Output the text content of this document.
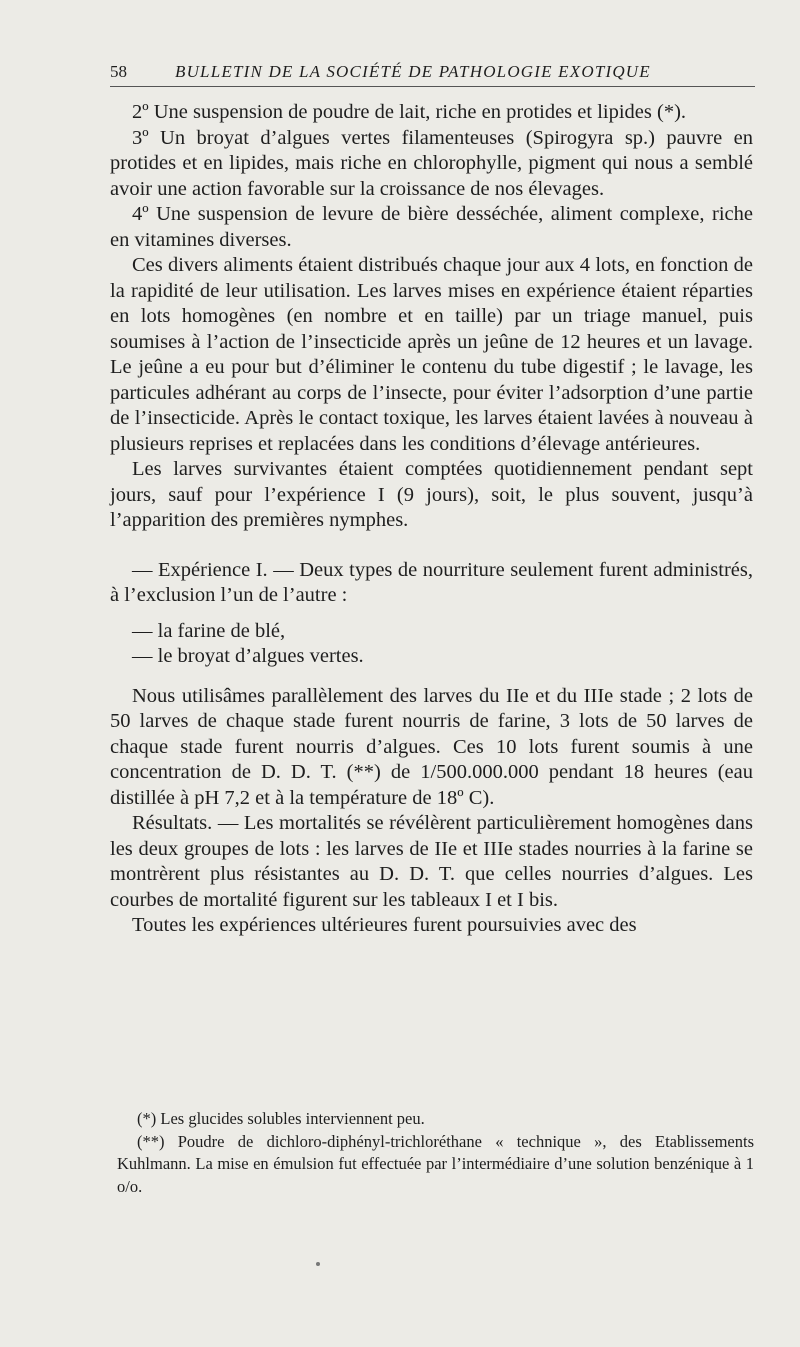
58	BULLETIN DE LA SOCIÉTÉ DE PATHOLOGIE EXOTIQUE

2º Une suspension de poudre de lait, riche en protides et lipides (*).

3º Un broyat d’algues vertes filamenteuses (Spirogyra sp.) pauvre en protides et en lipides, mais riche en chlorophylle, pigment qui nous a semblé avoir une action favorable sur la croissance de nos élevages.

4º Une suspension de levure de bière desséchée, aliment complexe, riche en vitamines diverses.

Ces divers aliments étaient distribués chaque jour aux 4 lots, en fonction de la rapidité de leur utilisation. Les larves mises en expérience étaient réparties en lots homogènes (en nombre et en taille) par un triage manuel, puis soumises à l’action de l’insecticide après un jeûne de 12 heures et un lavage. Le jeûne a eu pour but d’éliminer le contenu du tube digestif ; le lavage, les particules adhérant au corps de l’insecte, pour éviter l’adsorption d’une partie de l’insecticide. Après le contact toxique, les larves étaient lavées à nouveau à plusieurs reprises et replacées dans les conditions d’élevage antérieures.

Les larves survivantes étaient comptées quotidiennement pendant sept jours, sauf pour l’expérience I (9 jours), soit, le plus souvent, jusqu’à l’apparition des premières nymphes.

— Expérience I. — Deux types de nourriture seulement furent administrés, à l’exclusion l’un de l’autre :

— la farine de blé,

— le broyat d’algues vertes.

Nous utilisâmes parallèlement des larves du IIe et du IIIe stade ; 2 lots de 50 larves de chaque stade furent nourris de farine, 3 lots de 50 larves de chaque stade furent nourris d’algues. Ces 10 lots furent soumis à une concentration de D. D. T. (**) de 1/500.000.000 pendant 18 heures (eau distillée à pH 7,2 et à la température de 18º C).

Résultats. — Les mortalités se révélèrent particulièrement homogènes dans les deux groupes de lots : les larves de IIe et IIIe stades nourries à la farine se montrèrent plus résistantes au D. D. T. que celles nourries d’algues. Les courbes de mortalité figurent sur les tableaux I et I bis.

Toutes les expériences ultérieures furent poursuivies avec des

(*) Les glucides solubles interviennent peu.

(**) Poudre de dichloro-diphényl-trichloréthane « technique », des Etablissements Kuhlmann. La mise en émulsion fut effectuée par l’intermédiaire d’une solution benzénique à 1 o/o.
